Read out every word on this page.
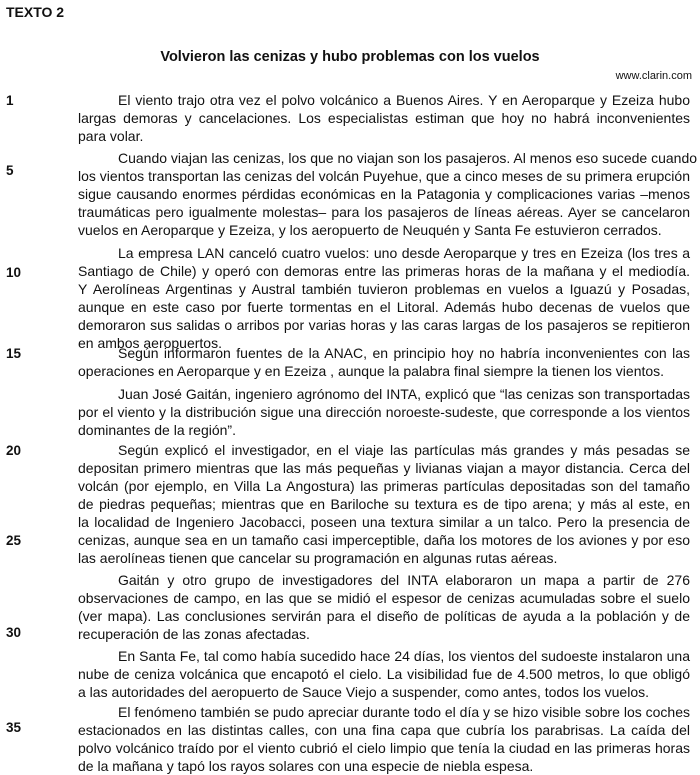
TEXTO 2
Volvieron las cenizas y hubo problemas con los vuelos
www.clarin.com
1
5
10
15
20
25
30
35
El viento trajo otra vez el polvo volcánico a Buenos Aires. Y en Aeroparque y Ezeiza hubo
largas demoras y cancelaciones. Los especialistas estiman que hoy no habrá inconvenientes
para volar.
Cuando viajan las cenizas, los que no viajan son los pasajeros. Al menos eso sucede cuando
los vientos transportan las cenizas del volcán Puyehue, que a cinco meses de su primera erupción
sigue causando enormes pérdidas económicas en la Patagonia y complicaciones varias –menos
traumáticas pero igualmente molestas– para los pasajeros de líneas aéreas. Ayer se cancelaron
vuelos en Aeroparque y Ezeiza, y los aeropuerto de Neuquén y Santa Fe estuvieron cerrados.
La empresa LAN canceló cuatro vuelos: uno desde Aeroparque y tres en Ezeiza (los tres a
Santiago de Chile) y operó con demoras entre las primeras horas de la mañana y el mediodía.
Y Aerolíneas Argentinas y Austral también tuvieron problemas en vuelos a Iguazú y Posadas,
aunque en este caso por fuerte tormentas en el Litoral. Además hubo decenas de vuelos que
demoraron sus salidas o arribos por varias horas y las caras largas de los pasajeros se repitieron
en ambos aeropuertos.
Según informaron fuentes de la ANAC, en principio hoy no habría inconvenientes con las
operaciones en Aeroparque y en Ezeiza , aunque la palabra final siempre la tienen los vientos.
Juan José Gaitán, ingeniero agrónomo del INTA, explicó que “las cenizas son transportadas
por el viento y la distribución sigue una dirección noroeste-sudeste, que corresponde a los vientos
dominantes de la región”.
Según explicó el investigador, en el viaje las partículas más grandes y más pesadas se
depositan primero mientras que las más pequeñas y livianas viajan a mayor distancia. Cerca del
volcán (por ejemplo, en Villa La Angostura) las primeras partículas depositadas son del tamaño
de piedras pequeñas; mientras que en Bariloche su textura es de tipo arena; y más al este, en
la localidad de Ingeniero Jacobacci, poseen una textura similar a un talco. Pero la presencia de
cenizas, aunque sea en un tamaño casi imperceptible, daña los motores de los aviones y por eso
las aerolíneas tienen que cancelar su programación en algunas rutas aéreas.
Gaitán y otro grupo de investigadores del INTA elaboraron un mapa a partir de 276
observaciones de campo, en las que se midió el espesor de cenizas acumuladas sobre el suelo
(ver mapa). Las conclusiones servirán para el diseño de políticas de ayuda a la población y de
recuperación de las zonas afectadas.
En Santa Fe, tal como había sucedido hace 24 días, los vientos del sudoeste instalaron una
nube de ceniza volcánica que encapotó el cielo. La visibilidad fue de 4.500 metros, lo que obligó
a las autoridades del aeropuerto de Sauce Viejo a suspender, como antes, todos los vuelos.
El fenómeno también se pudo apreciar durante todo el día y se hizo visible sobre los coches
estacionados en las distintas calles, con una fina capa que cubría los parabrisas. La caída del
polvo volcánico traído por el viento cubrió el cielo limpio que tenía la ciudad en las primeras horas
de la mañana y tapó los rayos solares con una especie de niebla espesa.
